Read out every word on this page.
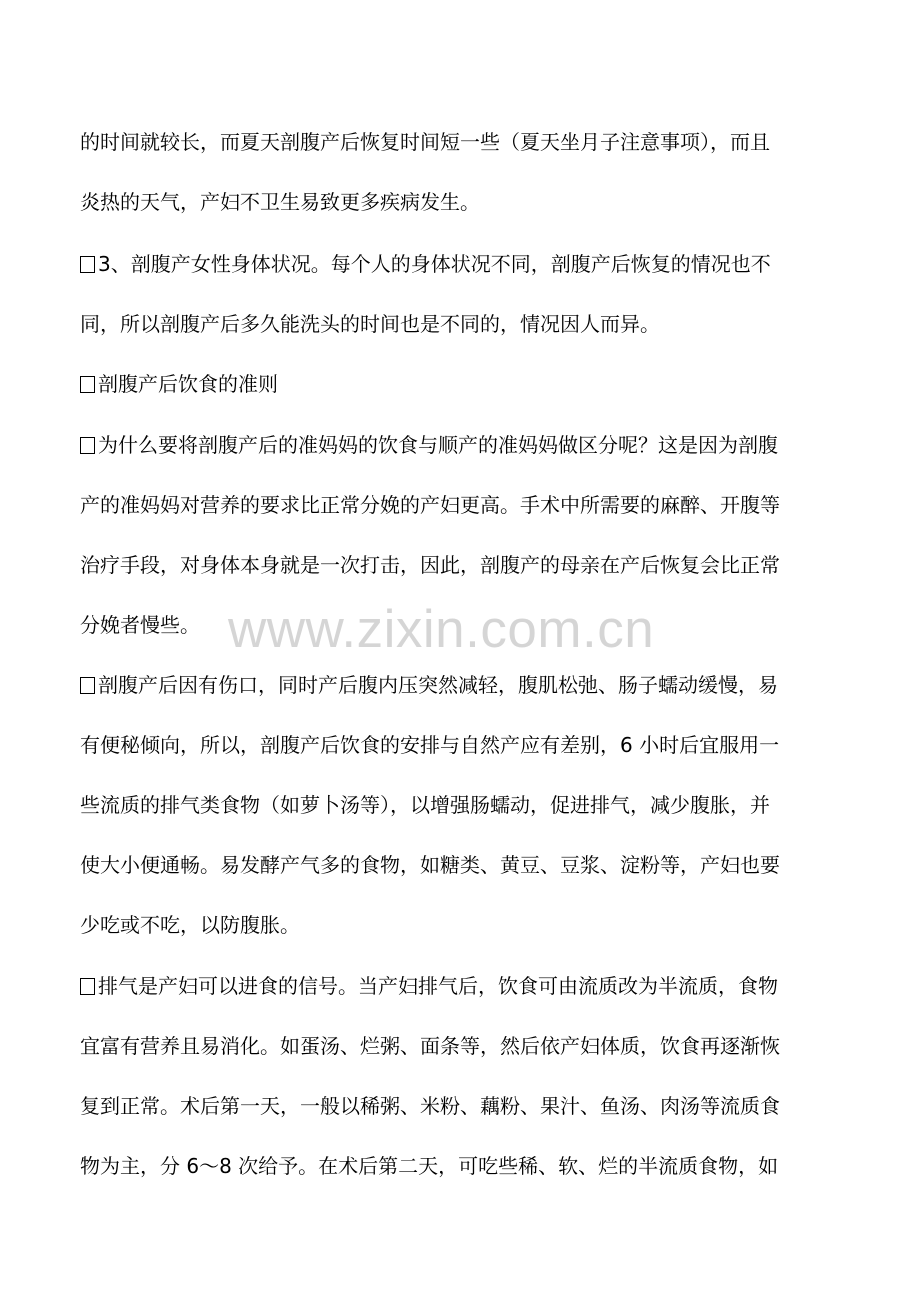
的时间就较长，而夏天剖腹产后恢复时间短一些（夏天坐月子注意事项），而且
炎热的天气，产妇不卫生易致更多疾病发生。
3、剖腹产女性身体状况。每个人的身体状况不同，剖腹产后恢复的情况也不
同，所以剖腹产后多久能洗头的时间也是不同的，情况因人而异。
剖腹产后饮食的准则
为什么要将剖腹产后的准妈妈的饮食与顺产的准妈妈做区分呢？这是因为剖腹
产的准妈妈对营养的要求比正常分娩的产妇更高。手术中所需要的麻醉、开腹等
治疗手段，对身体本身就是一次打击，因此，剖腹产的母亲在产后恢复会比正常
分娩者慢些。
剖腹产后因有伤口，同时产后腹内压突然减轻，腹肌松弛、肠子蠕动缓慢，易
有便秘倾向，所以，剖腹产后饮食的安排与自然产应有差别，6 小时后宜服用一
些流质的排气类食物（如萝卜汤等），以增强肠蠕动，促进排气，减少腹胀，并
使大小便通畅。易发酵产气多的食物，如糖类、黄豆、豆浆、淀粉等，产妇也要
少吃或不吃，以防腹胀。
排气是产妇可以进食的信号。当产妇排气后，饮食可由流质改为半流质，食物
宜富有营养且易消化。如蛋汤、烂粥、面条等，然后依产妇体质，饮食再逐渐恢
复到正常。术后第一天，一般以稀粥、米粉、藕粉、果汁、鱼汤、肉汤等流质食
物为主，分 6～8 次给予。在术后第二天，可吃些稀、软、烂的半流质食物，如
www.zixin.com.cn
